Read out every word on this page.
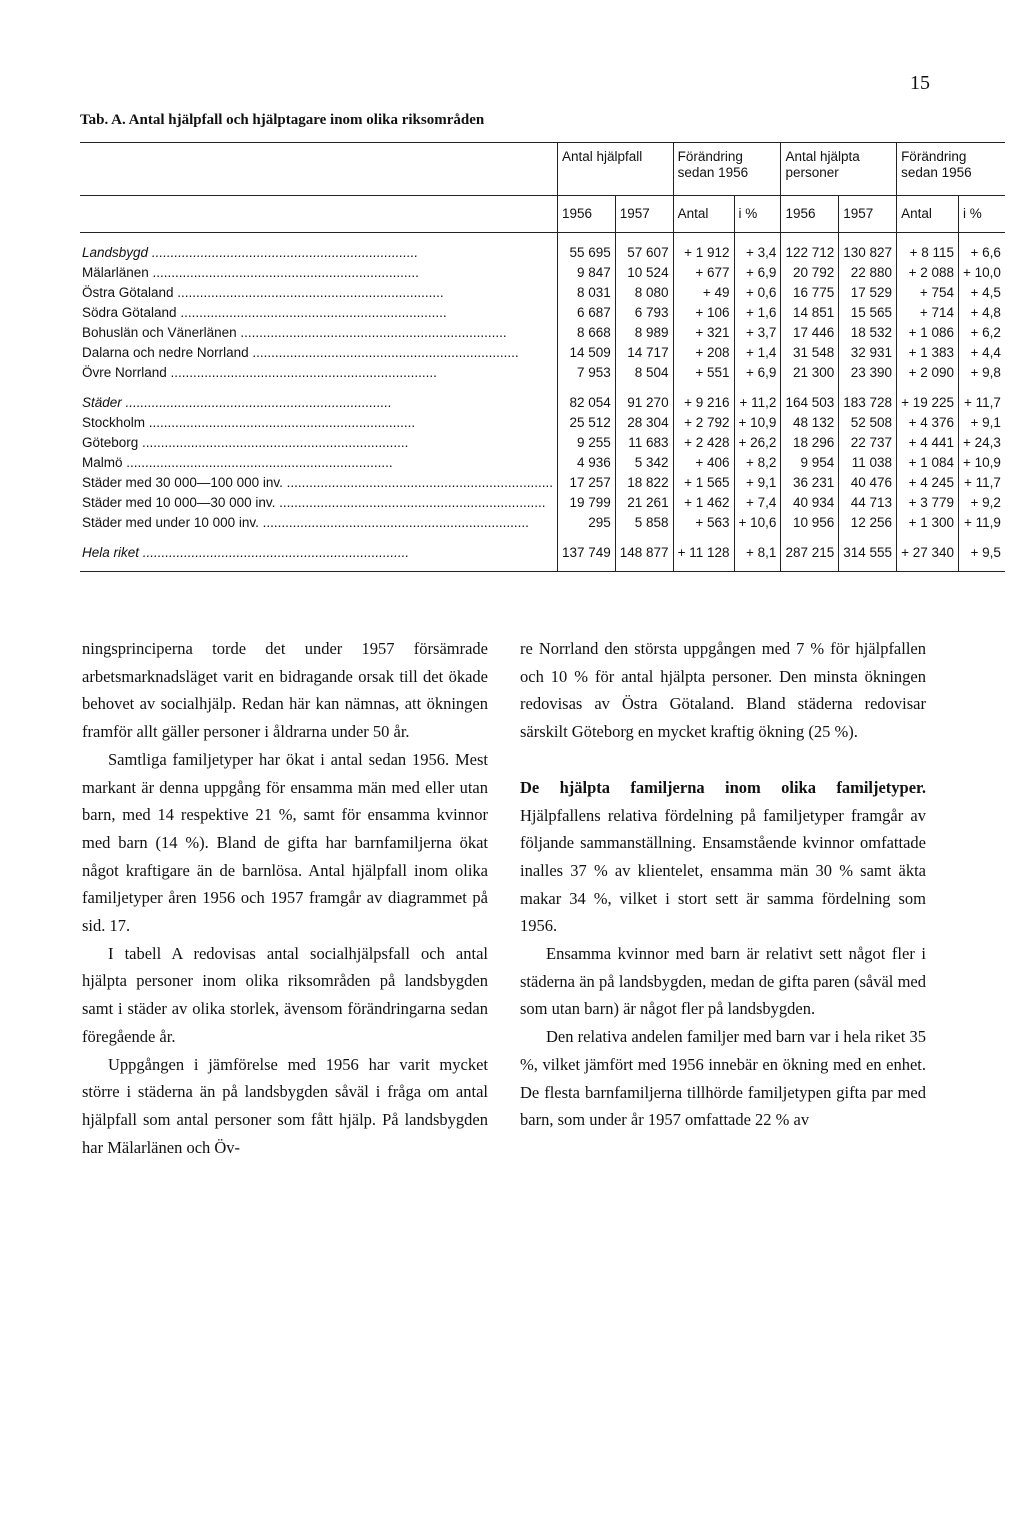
15
Tab. A. Antal hjälpfall och hjälptagare inom olika riksområden
	Antal hjälpfall		Förändring sedan 1956		Antal hjälpta personer		Förändring sedan 1956	
	1956	1957	Antal	i %	1956	1957	Antal	i %
Landsbygd .....	55 695	57 607	+ 1 912	+ 3,4	122 712	130 827	+ 8 115	+ 6,6
Mälarlänen .....	9 847	10 524	+ 677	+ 6,9	20 792	22 880	+ 2 088	+ 10,0
Östra Götaland .....	8 031	8 080	+ 49	+ 0,6	16 775	17 529	+ 754	+ 4,5
Södra Götaland .....	6 687	6 793	+ 106	+ 1,6	14 851	15 565	+ 714	+ 4,8
Bohuslän och Vänerlänen .....	8 668	8 989	+ 321	+ 3,7	17 446	18 532	+ 1 086	+ 6,2
Dalarna och nedre Norrland .....	14 509	14 717	+ 208	+ 1,4	31 548	32 931	+ 1 383	+ 4,4
Övre Norrland .....	7 953	8 504	+ 551	+ 6,9	21 300	23 390	+ 2 090	+ 9,8
Städer .....	82 054	91 270	+ 9 216	+ 11,2	164 503	183 728	+ 19 225	+ 11,7
Stockholm .....	25 512	28 304	+ 2 792	+ 10,9	48 132	52 508	+ 4 376	+ 9,1
Göteborg .....	9 255	11 683	+ 2 428	+ 26,2	18 296	22 737	+ 4 441	+ 24,3
Malmö .....	4 936	5 342	+ 406	+ 8,2	9 954	11 038	+ 1 084	+ 10,9
Städer med 30 000—100 000 inv. .....	17 257	18 822	+ 1 565	+ 9,1	36 231	40 476	+ 4 245	+ 11,7
Städer med 10 000—30 000 inv. .....	19 799	21 261	+ 1 462	+ 7,4	40 934	44 713	+ 3 779	+ 9,2
Städer med under 10 000 inv. .....	295	5 858	+ 563	+ 10,6	10 956	12 256	+ 1 300	+ 11,9
Hela riket .....	137 749	148 877	+ 11 128	+ 8,1	287 215	314 555	+ 27 340	+ 9,5

ningsprinciperna torde det under 1957 försämrade arbetsmarknadsläget varit en bidragande orsak till det ökade behovet av socialhjälp. Redan här kan nämnas, att ökningen framför allt gäller personer i åldrarna under 50 år.

Samtliga familjetyper har ökat i antal sedan 1956. Mest markant är denna uppgång för ensamma män med eller utan barn, med 14 respektive 21 %, samt för ensamma kvinnor med barn (14 %). Bland de gifta har barnfamiljerna ökat något kraftigare än de barnlösa. Antal hjälpfall inom olika familjetyper åren 1956 och 1957 framgår av diagrammet på sid. 17.

I tabell A redovisas antal socialhjälpsfall och antal hjälpta personer inom olika riksområden på landsbygden samt i städer av olika storlek, ävensom förändringarna sedan föregående år.

Uppgången i jämförelse med 1956 har varit mycket större i städerna än på landsbygden såväl i fråga om antal hjälpfall som antal personer som fått hjälp. På landsbygden har Mälarlänen och Öv-

re Norrland den största uppgången med 7 % för hjälpfallen och 10 % för antal hjälpta personer. Den minsta ökningen redovisas av Östra Götaland. Bland städerna redovisar särskilt Göteborg en mycket kraftig ökning (25 %).

De hjälpta familjerna inom olika familjetyper. Hjälpfallens relativa fördelning på familjetyper framgår av följande sammanställning. Ensamstående kvinnor omfattade inalles 37 % av klientelet, ensamma män 30 % samt äkta makar 34 %, vilket i stort sett är samma fördelning som 1956.

Ensamma kvinnor med barn är relativt sett något fler i städerna än på landsbygden, medan de gifta paren (såväl med som utan barn) är något fler på landsbygden.

Den relativa andelen familjer med barn var i hela riket 35 %, vilket jämfört med 1956 innebär en ökning med en enhet. De flesta barnfamiljerna tillhörde familjetypen gifta par med barn, som under år 1957 omfattade 22 % av
